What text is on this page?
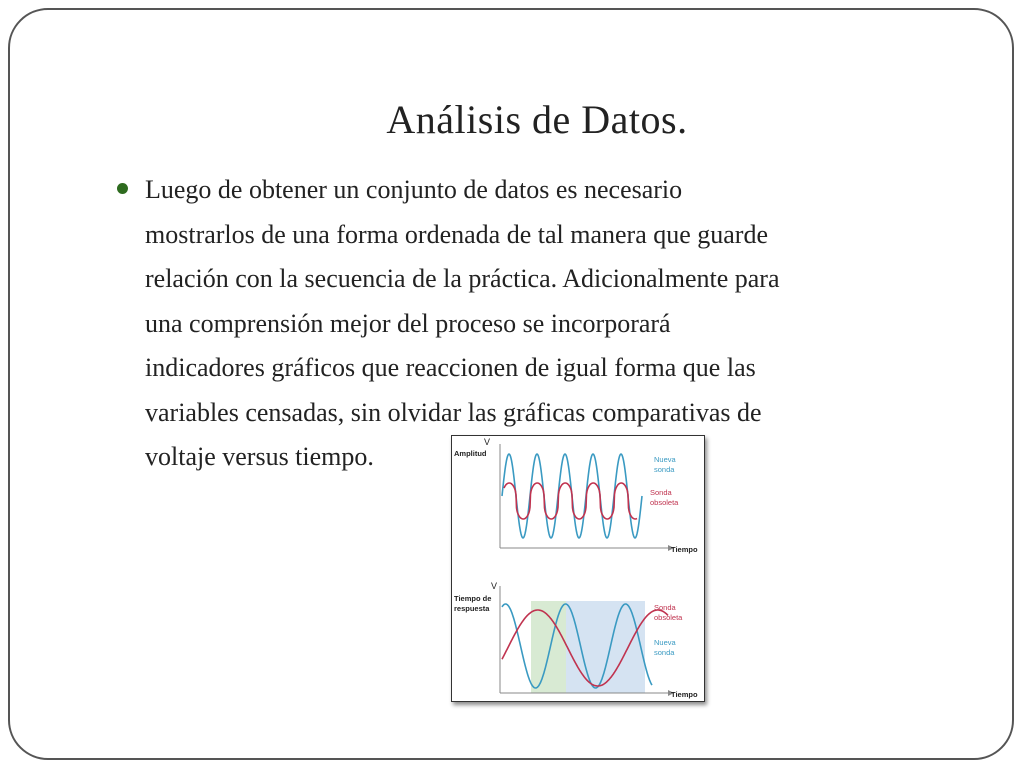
Análisis de Datos.
Luego de obtener un conjunto de datos es necesario
mostrarlos de una forma ordenada de tal manera que guarde
relación con la secuencia de la práctica. Adicionalmente para
una comprensión mejor del proceso se incorporará
indicadores gráficos que reaccionen de igual forma que las
variables censadas, sin olvidar las gráficas comparativas de
voltaje versus tiempo.	V
Amplitud
Tiempo
Nueva
sonda
Sonda
obsoleta
V
Tiempo de
respuesta
Tiempo
Sonda
obsoleta
Nueva
sonda
